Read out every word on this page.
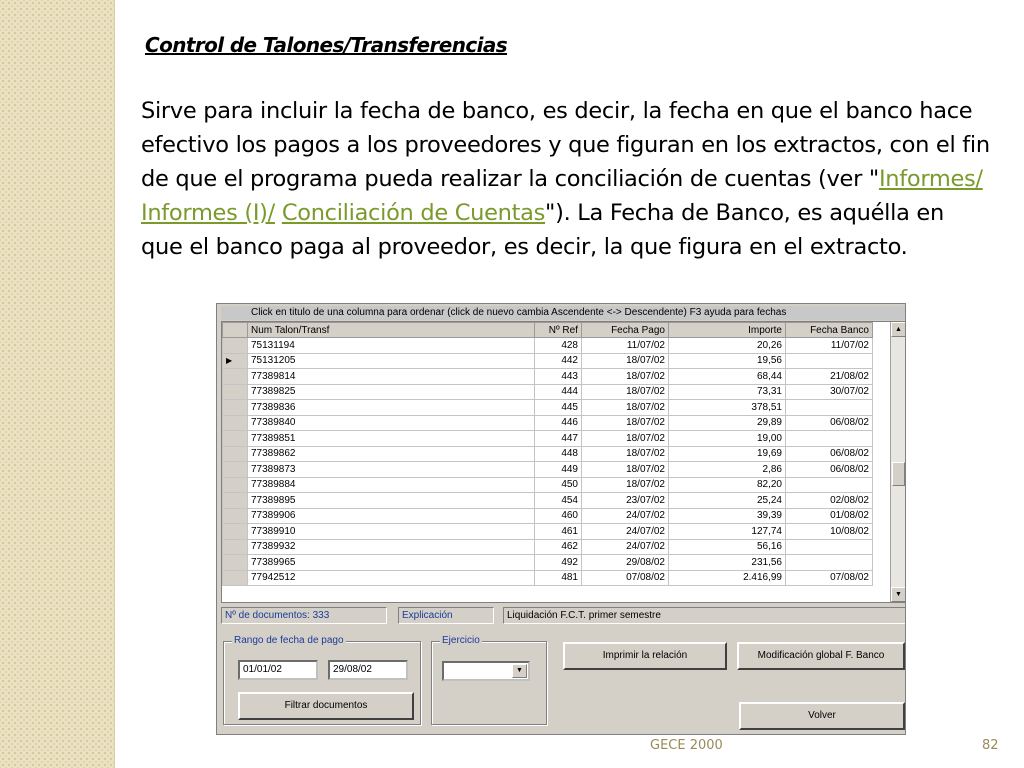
Control de Talones/Transferencias
Sirve para incluir la fecha de banco, es decir, la fecha en que el banco hace efectivo los pagos a los proveedores y que figuran en los extractos, con el fin de que el programa pueda realizar la conciliación de cuentas (ver "Informes/ Informes (I)/ Conciliación de Cuentas"). La Fecha de Banco, es aquélla en que el banco paga al proveedor, es decir, la que figura en el extracto.
Click en titulo de una columna para ordenar (click de nuevo cambia Ascendente <-> Descendente) F3 ayuda para fechas
	Num Talon/Transf	Nº Ref	Fecha Pago	Importe	Fecha Banco
	75131194	428	11/07/02	20,26	11/07/02
▶	75131205	442	18/07/02	19,56	
	77389814	443	18/07/02	68,44	21/08/02
	77389825	444	18/07/02	73,31	30/07/02
	77389836	445	18/07/02	378,51	
	77389840	446	18/07/02	29,89	06/08/02
	77389851	447	18/07/02	19,00	
	77389862	448	18/07/02	19,69	06/08/02
	77389873	449	18/07/02	2,86	06/08/02
	77389884	450	18/07/02	82,20	
	77389895	454	23/07/02	25,24	02/08/02
	77389906	460	24/07/02	39,39	01/08/02
	77389910	461	24/07/02	127,74	10/08/02
	77389932	462	24/07/02	56,16	
	77389965	492	29/08/02	231,56	
	77942512	481	07/08/02	2.416,99	07/08/02
▲
▼
Nº de documentos: 333	Explicación	Liquidación F.C.T. primer semestre
Rango de fecha de pago
01/01/02	29/08/02
Filtrar documentos
Ejercicio
▼
Imprimir la relación	Modificación global F. Banco
Volver
GECE 2000	82
